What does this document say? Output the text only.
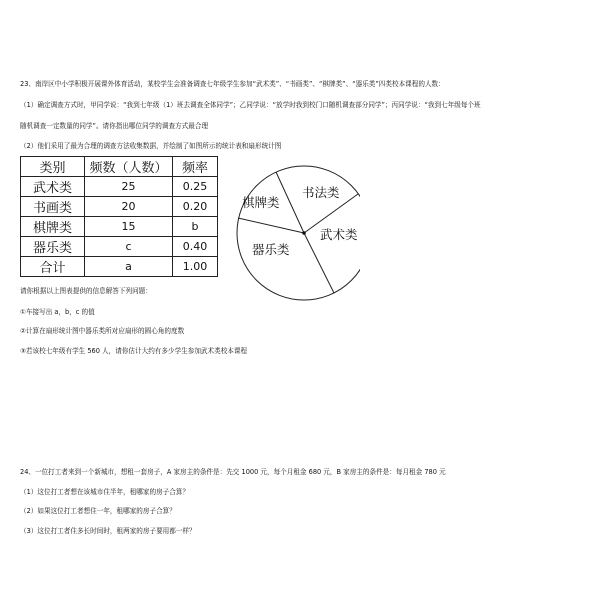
23、南岸区中小学积极开展课外体育活动，某校学生会准备调查七年级学生参加“武术类”、“书画类”、“棋牌类”、“器乐类”四类校本课程的人数：
（1）确定调查方式时，甲同学说：“我到七年级（1）班去调查全体同学”；乙同学说：“放学时我到校门口随机调查部分同学”；丙同学说：“我到七年级每个班
随机调查一定数量的同学”。请你指出哪位同学的调查方式最合理
（2）他们采用了最为合理的调查方法收集数据，并绘制了如图所示的统计表和扇形统计图
类别	频数（人数）	频率
武术类	25	0.25
书画类	20	0.20
棋牌类	15	b
器乐类	c	0.40
合计	a	1.00
棋牌类
书法类
武术类
器乐类
请你根据以上图表提供的信息解答下列问题：
①车接写出 a，b，c 的值
②计算在扇形统计图中器乐类所对应扇形的圆心角的度数
③若该校七年级有学生 560 人，请你估计大约有多少学生参加武术类校本课程
24、一位打工者来到一个新城市，想租一套房子，A 家房主的条件是：先交 1000 元，每个月租金 680 元，B 家房主的条件是：每月租金 780 元
（1）这位打工者想在该城市住半年，租哪家的房子合算？
（2）如果这位打工者想住一年，租哪家的房子合算？
（3）这位打工者住多长时间时，租两家的房子要用都一样？
